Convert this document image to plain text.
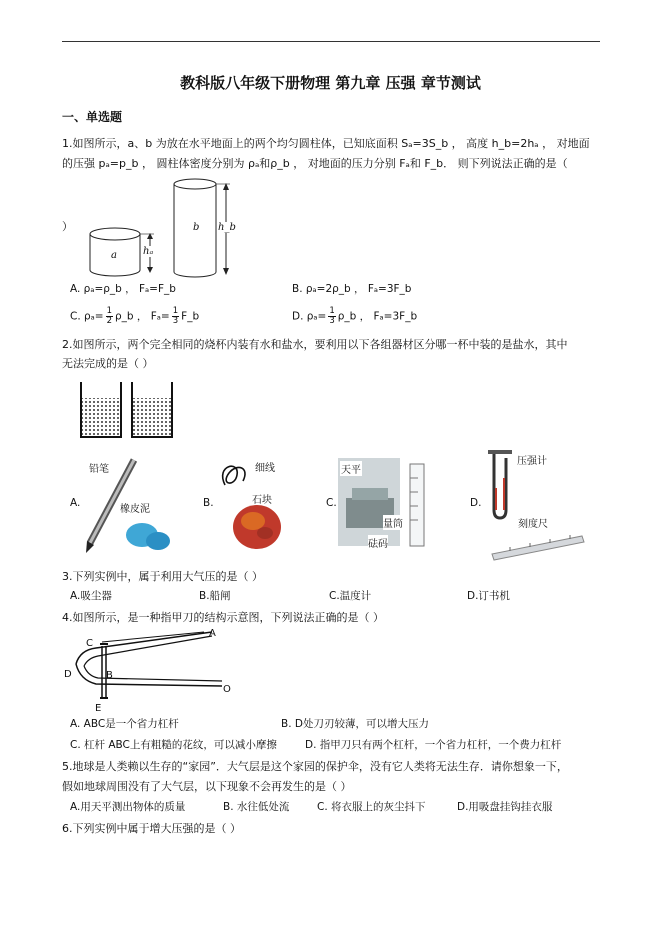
教科版八年级下册物理 第九章 压强 章节测试
一、单选题
1.如图所示，a、b 为放在水平地面上的两个均匀圆柱体，已知底面积 Sₐ=3S_b ， 高度 h_b=2hₐ ， 对地面
的压强 pₐ=p_b ， 圆柱体密度分别为 ρₐ和ρ_b ， 对地面的压力分别 Fₐ和 F_b． 则下列说法正确的是（
）
a
b
hₐ
h_b
A. ρₐ=ρ_b ， Fₐ=F_b	B. ρₐ=2ρ_b ， Fₐ=3F_b
C. $\rho_a= \frac{1}{2}$ ρ_b ， $F_a= \frac{1}{3}$ F_b	D. $\rho_a= \frac{1}{3}$ ρ_b ， Fₐ=3F_b
2.如图所示，两个完全相同的烧杯内装有水和盐水，要利用以下各组器材区分哪一杯中装的是盐水，其中
无法完成的是（ ）
A.
铅笔
橡皮泥
B.
细线
石块	C.
天平
量筒
砝码
D.
压强计
刻度尺
3.下列实例中，属于利用大气压的是（ ）
A.吸尘器	B.船闸	C.温度计	D.订书机
4.如图所示，是一种指甲刀的结构示意图，下列说法正确的是（ ）
C
A
B
D
E
O
A. ABC是一个省力杠杆	B. D处刀刃较薄，可以增大压力
C. 杠杆 ABC上有粗糙的花纹，可以减小摩擦	D. 指甲刀只有两个杠杆，一个省力杠杆，一个费力杠杆
5.地球是人类赖以生存的“家园”．大气层是这个家园的保护伞，没有它人类将无法生存．请你想象一下，
假如地球周围没有了大气层，以下现象不会再发生的是（ ）
A.用天平测出物体的质量	B. 水往低处流	C. 将衣服上的灰尘抖下	D.用吸盘挂钩挂衣服
6.下列实例中属于增大压强的是（ ）
